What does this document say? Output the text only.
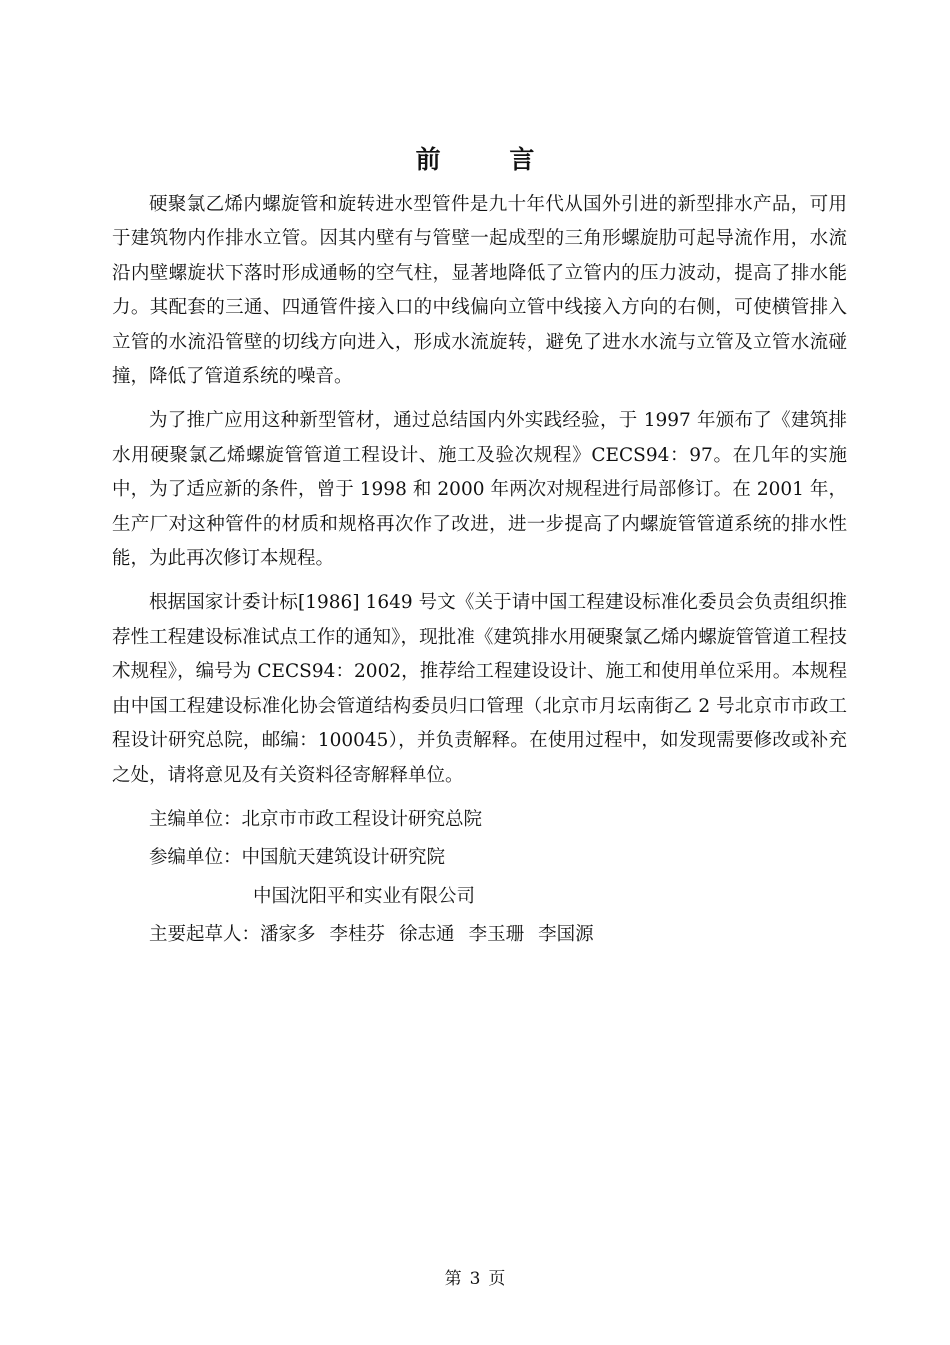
前 言

硬聚氯乙烯内螺旋管和旋转进水型管件是九十年代从国外引进的新型排水产品，可用于建筑物内作排水立管。因其内壁有与管壁一起成型的三角形螺旋肋可起导流作用，水流沿内壁螺旋状下落时形成通畅的空气柱，显著地降低了立管内的压力波动，提高了排水能力。其配套的三通、四通管件接入口的中线偏向立管中线接入方向的右侧，可使横管排入立管的水流沿管壁的切线方向进入，形成水流旋转，避免了进水水流与立管及立管水流碰撞，降低了管道系统的噪音。

为了推广应用这种新型管材，通过总结国内外实践经验，于 1997 年颁布了《建筑排水用硬聚氯乙烯螺旋管管道工程设计、施工及验次规程》CECS94：97。在几年的实施中，为了适应新的条件，曾于 1998 和 2000 年两次对规程进行局部修订。在 2001 年，生产厂对这种管件的材质和规格再次作了改进，进一步提高了内螺旋管管道系统的排水性能，为此再次修订本规程。

根据国家计委计标[1986] 1649 号文《关于请中国工程建设标准化委员会负责组织推荐性工程建设标准试点工作的通知》，现批准《建筑排水用硬聚氯乙烯内螺旋管管道工程技术规程》，编号为 CECS94：2002，推荐给工程建设设计、施工和使用单位采用。本规程由中国工程建设标准化协会管道结构委员归口管理（北京市月坛南街乙 2 号北京市市政工程设计研究总院，邮编：100045），并负责解释。在使用过程中，如发现需要修改或补充之处，请将意见及有关资料径寄解释单位。

主编单位：北京市市政工程设计研究总院

参编单位：中国航天建筑设计研究院

中国沈阳平和实业有限公司

主要起草人：潘家多 李桂芬 徐志通 李玉珊 李国源

第 3 页
